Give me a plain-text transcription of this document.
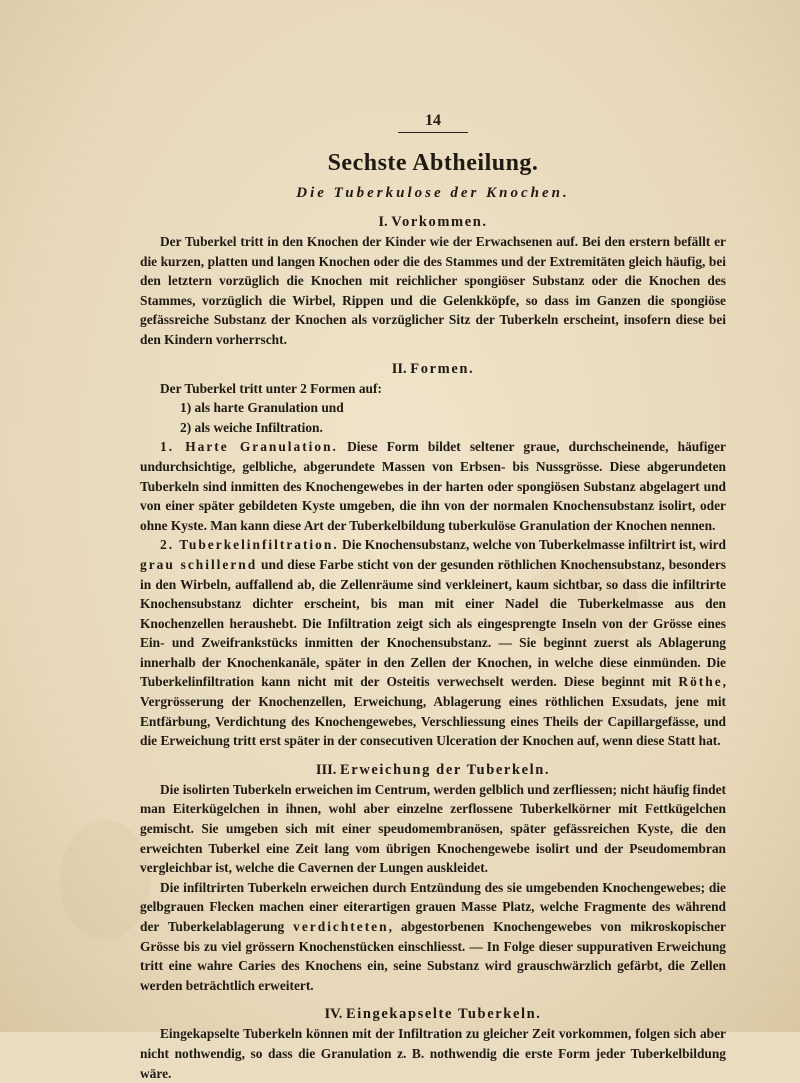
14
Sechste Abtheilung.
Die Tuberkulose der Knochen.
I. Vorkommen.

Der Tuberkel tritt in den Knochen der Kinder wie der Erwachsenen auf. Bei den erstern befällt er die kurzen, platten und langen Knochen oder die des Stammes und der Extremitäten gleich häufig, bei den letztern vorzüglich die Knochen mit reichlicher spongiöser Substanz oder die Knochen des Stammes, vorzüglich die Wirbel, Rippen und die Gelenkköpfe, so dass im Ganzen die spongiöse gefässreiche Substanz der Knochen als vorzüglicher Sitz der Tuberkeln erscheint, insofern diese bei den Kindern vorherrscht.

II. Formen.

Der Tuberkel tritt unter 2 Formen auf:

1) als harte Granulation und
2) als weiche Infiltration.

1. Harte Granulation. Diese Form bildet seltener graue, durchscheinende, häufiger undurchsichtige, gelbliche, abgerundete Massen von Erbsen- bis Nussgrösse. Diese abgerundeten Tuberkeln sind inmitten des Knochengewebes in der harten oder spongiösen Substanz abgelagert und von einer später gebildeten Kyste umgeben, die ihn von der normalen Knochensubstanz isolirt, oder ohne Kyste. Man kann diese Art der Tuberkelbildung tuberkulöse Granulation der Knochen nennen.

2. Tuberkelinfiltration. Die Knochensubstanz, welche von Tuberkelmasse infiltrirt ist, wird grau schillernd und diese Farbe sticht von der gesunden röthlichen Knochensubstanz, besonders in den Wirbeln, auffallend ab, die Zellenräume sind verkleinert, kaum sichtbar, so dass die infiltrirte Knochensubstanz dichter erscheint, bis man mit einer Nadel die Tuberkelmasse aus den Knochenzellen heraushebt. Die Infiltration zeigt sich als eingesprengte Inseln von der Grösse eines Ein- und Zweifrankstücks inmitten der Knochensubstanz. — Sie beginnt zuerst als Ablagerung innerhalb der Knochenkanäle, später in den Zellen der Knochen, in welche diese einmünden. Die Tuberkelinfiltration kann nicht mit der Osteitis verwechselt werden. Diese beginnt mit Röthe, Vergrösserung der Knochenzellen, Erweichung, Ablagerung eines röthlichen Exsudats, jene mit Entfärbung, Verdichtung des Knochengewebes, Verschliessung eines Theils der Capillargefässe, und die Erweichung tritt erst später in der consecutiven Ulceration der Knochen auf, wenn diese Statt hat.

III. Erweichung der Tuberkeln.

Die isolirten Tuberkeln erweichen im Centrum, werden gelblich und zerfliessen; nicht häufig findet man Eiterkügelchen in ihnen, wohl aber einzelne zerflossene Tuberkelkörner mit Fettkügelchen gemischt. Sie umgeben sich mit einer speudomembranösen, später gefässreichen Kyste, die den erweichten Tuberkel eine Zeit lang vom übrigen Knochengewebe isolirt und der Pseudomembran vergleichbar ist, welche die Cavernen der Lungen auskleidet.

Die infiltrirten Tuberkeln erweichen durch Entzündung des sie umgebenden Knochengewebes; die gelbgrauen Flecken machen einer eiterartigen grauen Masse Platz, welche Fragmente des während der Tuberkelablagerung verdichteten, abgestorbenen Knochengewebes von mikroskopischer Grösse bis zu viel grössern Knochenstücken einschliesst. — In Folge dieser suppurativen Erweichung tritt eine wahre Caries des Knochens ein, seine Substanz wird grauschwärzlich gefärbt, die Zellen werden beträchtlich erweitert.

IV. Eingekapselte Tuberkeln.

Eingekapselte Tuberkeln können mit der Infiltration zu gleicher Zeit vorkommen, folgen sich aber nicht nothwendig, so dass die Granulation z. B. nothwendig die erste Form jeder Tuberkelbildung wäre.
